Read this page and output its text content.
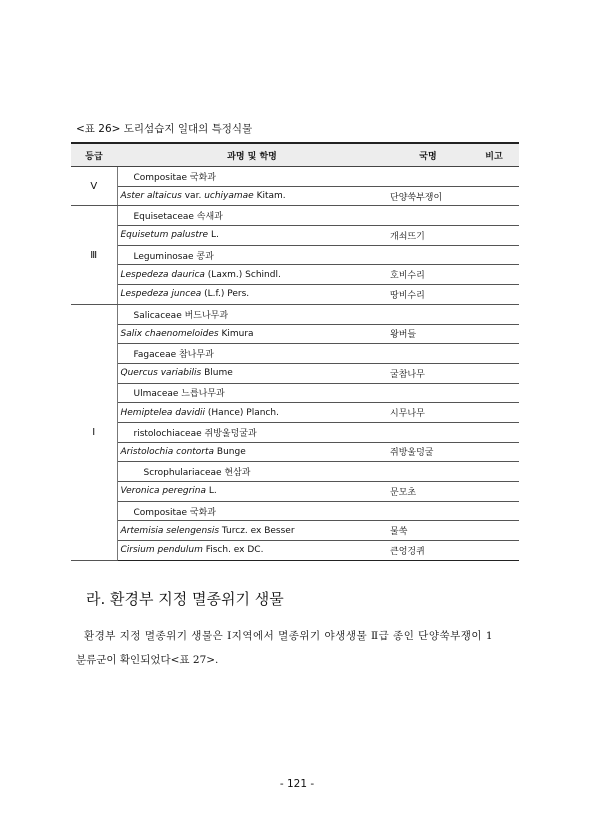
<표 26> 도리섬습지 일대의 특정식물
등급	과명 및 학명	국명	비고
Ⅴ	Compositae 국화과		
	Aster altaicus var. uchiyamae Kitam.	단양쑥부쟁이	
Ⅲ	Equisetaceae 속새과		
	Equisetum palustre L.	개쇠뜨기	
	Leguminosae 콩과		
	Lespedeza daurica (Laxm.) Schindl.	호비수리	
	Lespedeza juncea (L.f.) Pers.	땅비수리	
Ⅰ	Salicaceae 버드나무과		
	Salix chaenomeloides Kimura	왕버들	
	Fagaceae 참나무과		
	Quercus variabilis Blume	굴참나무	
	Ulmaceae 느릅나무과		
	Hemiptelea davidii (Hance) Planch.	시무나무	
	ristolochiaceae 쥐방울덩굴과		
	Aristolochia contorta Bunge	쥐방울덩굴	
	Scrophulariaceae 현삼과		
	Veronica peregrina L.	문모초	
	Compositae 국화과		
	Artemisia selengensis Turcz. ex Besser	물쑥	
	Cirsium pendulum Fisch. ex DC.	큰엉겅퀴	
라. 환경부 지정 멸종위기 생물
환경부 지정 멸종위기 생물은 Ⅰ지역에서 멸종위기 야생생물 Ⅱ급 종인 단양쑥부쟁이 1
분류군이 확인되었다<표 27>.
- 121 -
